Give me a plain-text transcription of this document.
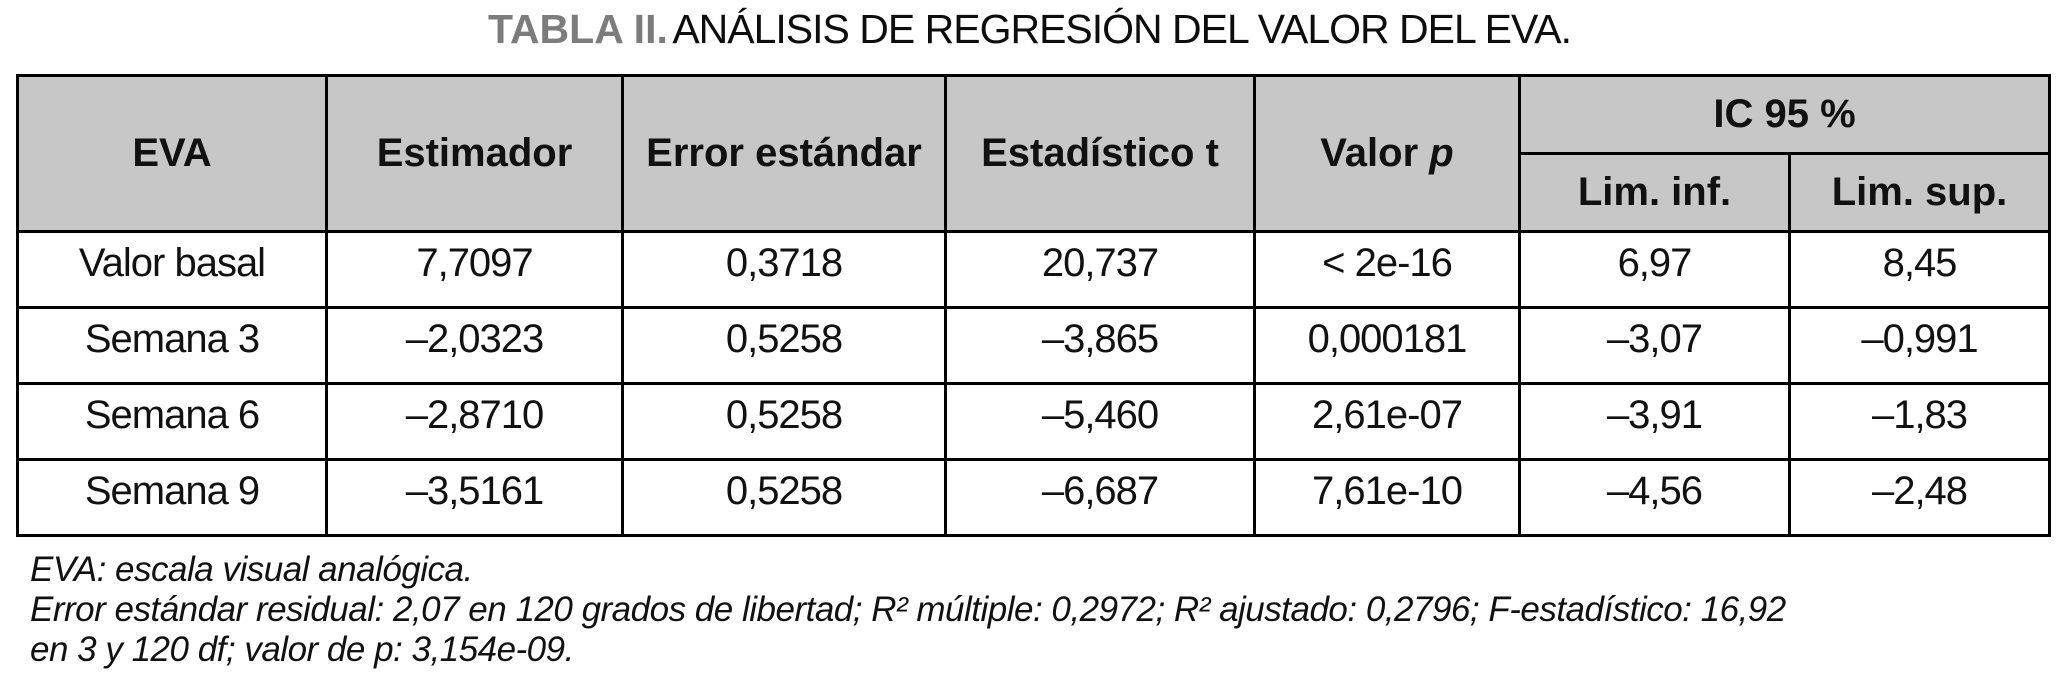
TABLA II. ANÁLISIS DE REGRESIÓN DEL VALOR DEL EVA.
EVA	Estimador	Error estándar	Estadístico t	Valor p	IC 95 %	
					Lim. inf.	Lim. sup.
Valor basal	7,7097	0,3718	20,737	< 2e-16	6,97	8,45
Semana 3	–2,0323	0,5258	–3,865	0,000181	–3,07	–0,991
Semana 6	–2,8710	0,5258	–5,460	2,61e-07	–3,91	–1,83
Semana 9	–3,5161	0,5258	–6,687	7,61e-10	–4,56	–2,48
EVA: escala visual analógica.
Error estándar residual: 2,07 en 120 grados de libertad; R² múltiple: 0,2972; R² ajustado: 0,2796; F-estadístico: 16,92
en 3 y 120 df; valor de p: 3,154e-09.
